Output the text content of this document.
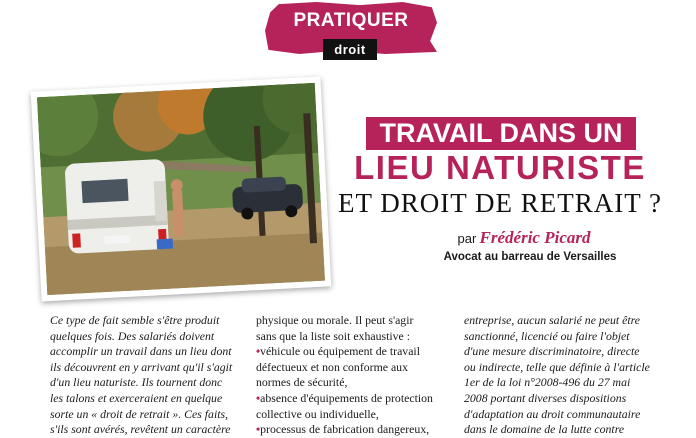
PRATIQUER
droit
TRAVAIL DANS UN
LIEU NATURISTE
ET DROIT DE RETRAIT ?
par Frédéric Picard
Avocat au barreau de Versailles
Ce type de fait semble s'être produit
quelques fois. Des salariés doivent
accomplir un travail dans un lieu dont
ils découvrent en y arrivant qu'il s'agit
d'un lieu naturiste. Ils tournent donc
les talons et exerceraient en quelque
sorte un « droit de retrait ». Ces faits,
s'ils sont avérés, revêtent un caractère
physique ou morale. Il peut s'agir
sans que la liste soit exhaustive :
•véhicule ou équipement de travail
défectueux et non conforme aux
normes de sécurité,
•absence d'équipements de protection
collective ou individuelle,
•processus de fabrication dangereux,
entreprise, aucun salarié ne peut être
sanctionné, licencié ou faire l'objet
d'une mesure discriminatoire, directe
ou indirecte, telle que définie à l'article
1er de la loi n°2008-496 du 27 mai
2008 portant diverses dispositions
d'adaptation au droit communautaire
dans le domaine de la lutte contre
